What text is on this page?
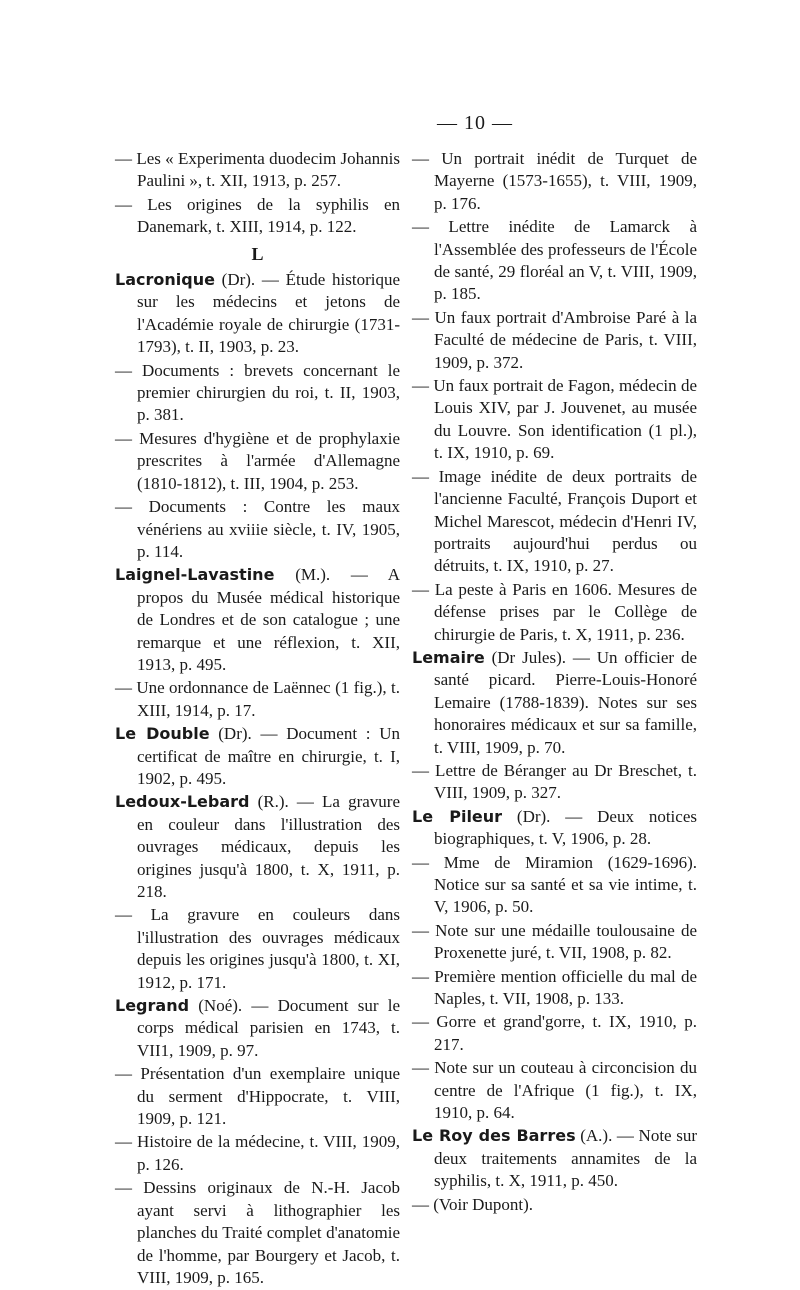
— 10 —

— Les « Experimenta duodecim Johannis Paulini », t. XII, 1913, p. 257.

— Les origines de la syphilis en Danemark, t. XIII, 1914, p. 122.

L

Lacronique (Dr). — Étude historique sur les médecins et jetons de l'Académie royale de chirurgie (1731-1793), t. II, 1903, p. 23.

— Documents : brevets concernant le premier chirurgien du roi, t. II, 1903, p. 381.

— Mesures d'hygiène et de prophylaxie prescrites à l'armée d'Allemagne (1810-1812), t. III, 1904, p. 253.

— Documents : Contre les maux vénériens au xviiie siècle, t. IV, 1905, p. 114.

Laignel-Lavastine (M.). — A propos du Musée médical historique de Londres et de son catalogue ; une remarque et une réflexion, t. XII, 1913, p. 495.

— Une ordonnance de Laënnec (1 fig.), t. XIII, 1914, p. 17.

Le Double (Dr). — Document : Un certificat de maître en chirurgie, t. I, 1902, p. 495.

Ledoux-Lebard (R.). — La gravure en couleur dans l'illustration des ouvrages médicaux, depuis les origines jusqu'à 1800, t. X, 1911, p. 218.

— La gravure en couleurs dans l'illustration des ouvrages médicaux depuis les origines jusqu'à 1800, t. XI, 1912, p. 171.

Legrand (Noé). — Document sur le corps médical parisien en 1743, t. VII1, 1909, p. 97.

— Présentation d'un exemplaire unique du serment d'Hippocrate, t. VIII, 1909, p. 121.

— Histoire de la médecine, t. VIII, 1909, p. 126.

— Dessins originaux de N.-H. Jacob ayant servi à lithographier les planches du Traité complet d'anatomie de l'homme, par Bourgery et Jacob, t. VIII, 1909, p. 165.

— Un portrait inédit de Turquet de Mayerne (1573-1655), t. VIII, 1909, p. 176.

— Lettre inédite de Lamarck à l'Assemblée des professeurs de l'École de santé, 29 floréal an V, t. VIII, 1909, p. 185.

— Un faux portrait d'Ambroise Paré à la Faculté de médecine de Paris, t. VIII, 1909, p. 372.

— Un faux portrait de Fagon, médecin de Louis XIV, par J. Jouvenet, au musée du Louvre. Son identification (1 pl.), t. IX, 1910, p. 69.

— Image inédite de deux portraits de l'ancienne Faculté, François Duport et Michel Marescot, médecin d'Henri IV, portraits aujourd'hui perdus ou détruits, t. IX, 1910, p. 27.

— La peste à Paris en 1606. Mesures de défense prises par le Collège de chirurgie de Paris, t. X, 1911, p. 236.

Lemaire (Dr Jules). — Un officier de santé picard. Pierre-Louis-Honoré Lemaire (1788-1839). Notes sur ses honoraires médicaux et sur sa famille, t. VIII, 1909, p. 70.

— Lettre de Béranger au Dr Breschet, t. VIII, 1909, p. 327.

Le Pileur (Dr). — Deux notices biographiques, t. V, 1906, p. 28.

— Mme de Miramion (1629-1696). Notice sur sa santé et sa vie intime, t. V, 1906, p. 50.

— Note sur une médaille toulousaine de Proxenette juré, t. VII, 1908, p. 82.

— Première mention officielle du mal de Naples, t. VII, 1908, p. 133.

— Gorre et grand'gorre, t. IX, 1910, p. 217.

— Note sur un couteau à circoncision du centre de l'Afrique (1 fig.), t. IX, 1910, p. 64.

Le Roy des Barres (A.). — Note sur deux traitements annamites de la syphilis, t. X, 1911, p. 450.

— (Voir Dupont).
